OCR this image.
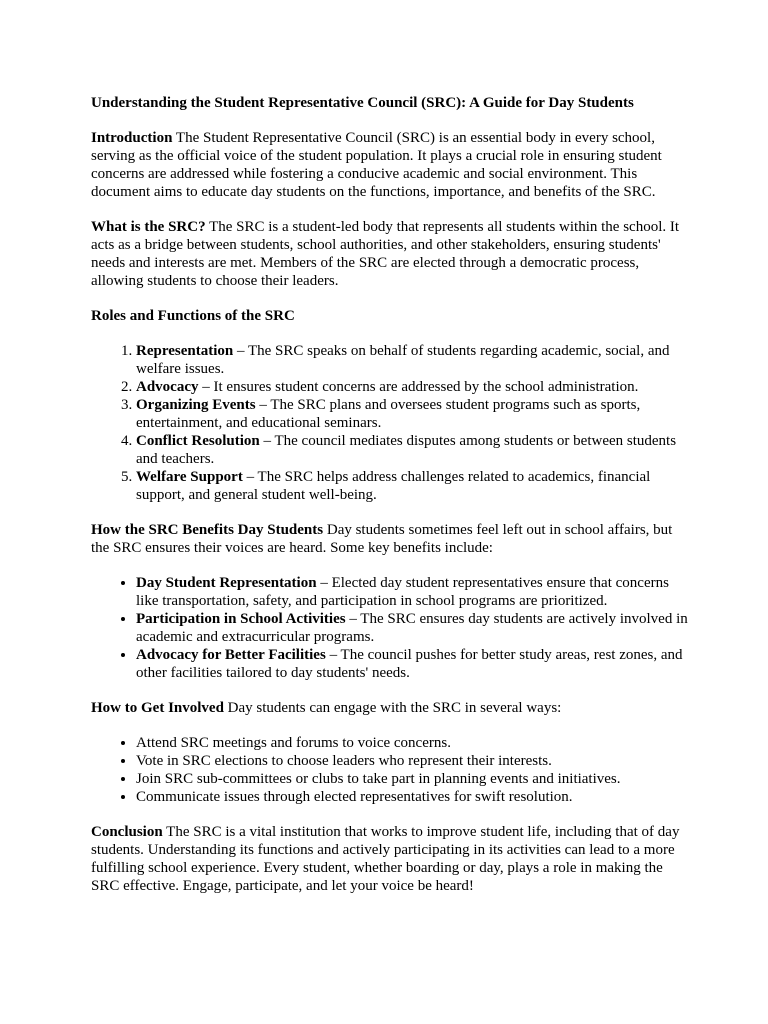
Understanding the Student Representative Council (SRC): A Guide for Day Students

Introduction The Student Representative Council (SRC) is an essential body in every school, serving as the official voice of the student population. It plays a crucial role in ensuring student concerns are addressed while fostering a conducive academic and social environment. This document aims to educate day students on the functions, importance, and benefits of the SRC.

What is the SRC? The SRC is a student-led body that represents all students within the school. It acts as a bridge between students, school authorities, and other stakeholders, ensuring students' needs and interests are met. Members of the SRC are elected through a democratic process, allowing students to choose their leaders.

Roles and Functions of the SRC

1. Representation – The SRC speaks on behalf of students regarding academic, social, and welfare issues.
2. Advocacy – It ensures student concerns are addressed by the school administration.
3. Organizing Events – The SRC plans and oversees student programs such as sports, entertainment, and educational seminars.
4. Conflict Resolution – The council mediates disputes among students or between students and teachers.
5. Welfare Support – The SRC helps address challenges related to academics, financial support, and general student well-being.

How the SRC Benefits Day Students Day students sometimes feel left out in school affairs, but the SRC ensures their voices are heard. Some key benefits include:

• Day Student Representation – Elected day student representatives ensure that concerns like transportation, safety, and participation in school programs are prioritized.
• Participation in School Activities – The SRC ensures day students are actively involved in academic and extracurricular programs.
• Advocacy for Better Facilities – The council pushes for better study areas, rest zones, and other facilities tailored to day students' needs.

How to Get Involved Day students can engage with the SRC in several ways:

• Attend SRC meetings and forums to voice concerns.
• Vote in SRC elections to choose leaders who represent their interests.
• Join SRC sub-committees or clubs to take part in planning events and initiatives.
• Communicate issues through elected representatives for swift resolution.

Conclusion The SRC is a vital institution that works to improve student life, including that of day students. Understanding its functions and actively participating in its activities can lead to a more fulfilling school experience. Every student, whether boarding or day, plays a role in making the SRC effective. Engage, participate, and let your voice be heard!
